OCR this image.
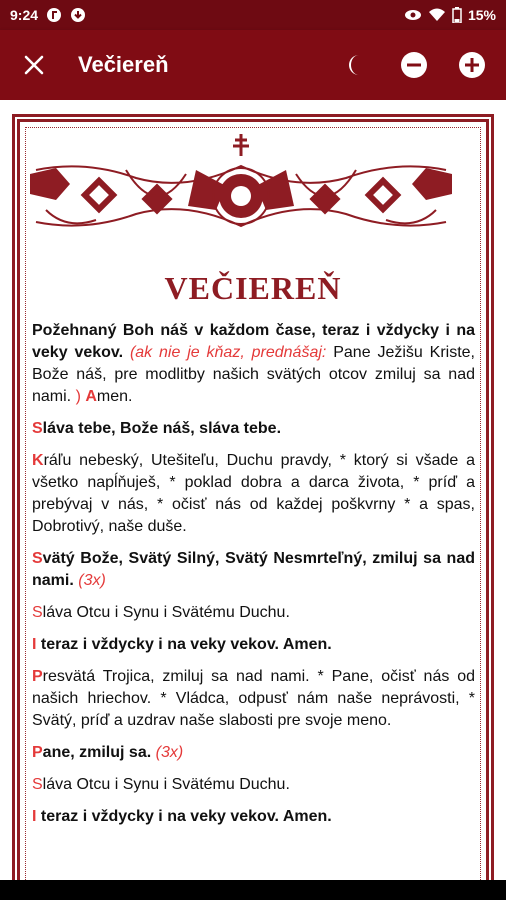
9:24	15%
Večiereň
VEČIEREŇ

Požehnaný Boh náš v každom čase, teraz i vždycky i na veky vekov. (ak nie je kňaz, prednášaj: Pane Ježišu Kriste, Bože náš, pre modlitby našich svätých otcov zmiluj sa nad nami. ) Amen.

Sláva tebe, Bože náš, sláva tebe.

Kráľu nebeský, Utešiteľu, Duchu pravdy, * ktorý si všade a všetko napĺňuješ, * poklad dobra a darca života, * príď a prebývaj v nás, * očisť nás od každej poškvrny * a spas, Dobrotivý, naše duše.

Svätý Bože, Svätý Silný, Svätý Nesmrteľný, zmiluj sa nad nami. (3x)

Sláva Otcu i Synu i Svätému Duchu.

I teraz i vždycky i na veky vekov. Amen.

Presvätá Trojica, zmiluj sa nad nami. * Pane, očisť nás od našich hriechov. * Vládca, odpusť nám naše neprávosti, * Svätý, príď a uzdrav naše slabosti pre svoje meno.

Pane, zmiluj sa. (3x)

Sláva Otcu i Synu i Svätému Duchu.

I teraz i vždycky i na veky vekov. Amen.
